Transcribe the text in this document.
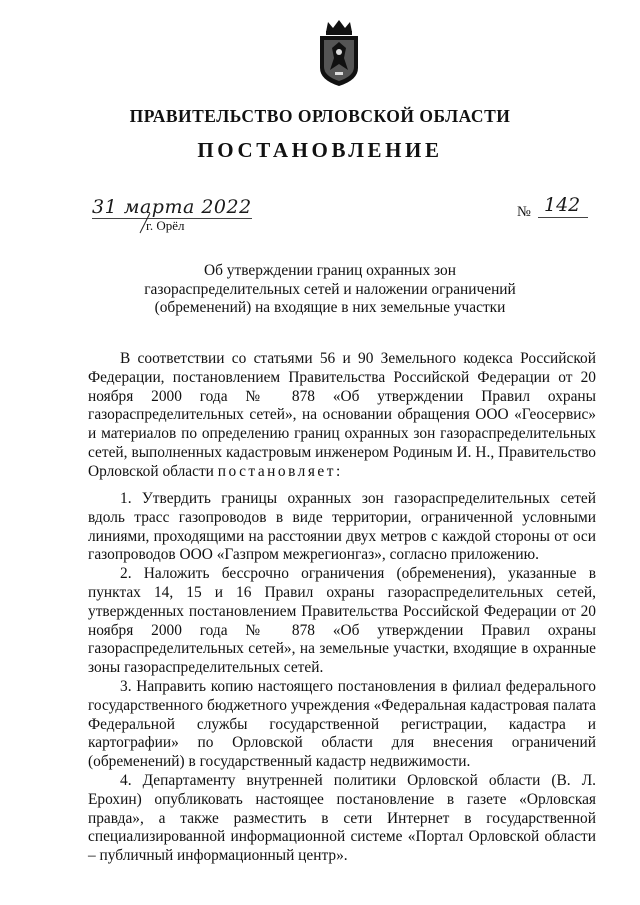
ПРАВИТЕЛЬСТВО ОРЛОВСКОЙ ОБЛАСТИ
ПОСТАНОВЛЕНИЕ
31 марта 2022
г. Орёл
№ 142
Об утверждении границ охранных зон
газораспределительных сетей и наложении ограничений
(обременений) на входящие в них земельные участки

В соответствии со статьями 56 и 90 Земельного кодекса Российской Федерации, постановлением Правительства Российской Федерации от 20 ноября 2000 года № 878 «Об утверждении Правил охраны газораспределительных сетей», на основании обращения ООО «Геосервис» и материалов по определению границ охранных зон газораспределительных сетей, выполненных кадастровым инженером Родиным И. Н., Правительство Орловской области постановляет:

1. Утвердить границы охранных зон газораспределительных сетей вдоль трасс газопроводов в виде территории, ограниченной условными линиями, проходящими на расстоянии двух метров с каждой стороны от оси газопроводов ООО «Газпром межрегионгаз», согласно приложению.

2. Наложить бессрочно ограничения (обременения), указанные в пунктах 14, 15 и 16 Правил охраны газораспределительных сетей, утвержденных постановлением Правительства Российской Федерации от 20 ноября 2000 года № 878 «Об утверждении Правил охраны газораспределительных сетей», на земельные участки, входящие в охранные зоны газораспределительных сетей.

3. Направить копию настоящего постановления в филиал федерального государственного бюджетного учреждения «Федеральная кадастровая палата Федеральной службы государственной регистрации, кадастра и картографии» по Орловской области для внесения ограничений (обременений) в государственный кадастр недвижимости.

4. Департаменту внутренней политики Орловской области (В. Л. Ерохин) опубликовать настоящее постановление в газете «Орловская правда», а также разместить в сети Интернет в государственной специализированной информационной системе «Портал Орловской области – публичный информационный центр».
